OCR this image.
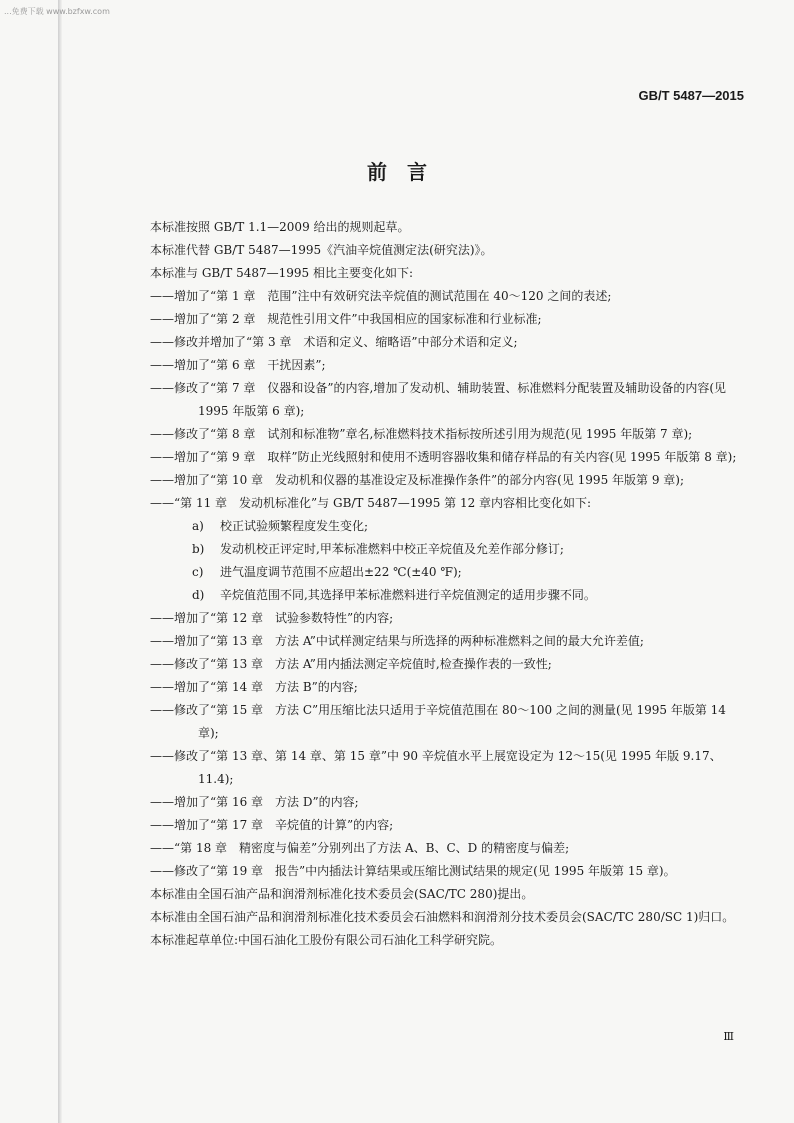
...免费下载 www.bzfxw.com
GB/T 5487—2015
前言

本标准按照 GB/T 1.1—2009 给出的规则起草。

本标准代替 GB/T 5487—1995《汽油辛烷值测定法(研究法)》。

本标准与 GB/T 5487—1995 相比主要变化如下:

——增加了“第 1 章　范围”注中有效研究法辛烷值的测试范围在 40～120 之间的表述;

——增加了“第 2 章　规范性引用文件”中我国相应的国家标准和行业标准;

——修改并增加了“第 3 章　术语和定义、缩略语”中部分术语和定义;

——增加了“第 6 章　干扰因素”;

——修改了“第 7 章　仪器和设备”的内容,增加了发动机、辅助装置、标准燃料分配装置及辅助设备的内容(见 1995 年版第 6 章);

——修改了“第 8 章　试剂和标准物”章名,标准燃料技术指标按所述引用为规范(见 1995 年版第 7 章);

——增加了“第 9 章　取样”防止光线照射和使用不透明容器收集和储存样品的有关内容(见 1995 年版第 8 章);

——增加了“第 10 章　发动机和仪器的基准设定及标准操作条件”的部分内容(见 1995 年版第 9 章);

——“第 11 章　发动机标准化”与 GB/T 5487—1995 第 12 章内容相比变化如下:

a) 校正试验频繁程度发生变化;

b) 发动机校正评定时,甲苯标准燃料中校正辛烷值及允差作部分修订;

c) 进气温度调节范围不应超出±22 ℃(±40 ℉);

d) 辛烷值范围不同,其选择甲苯标准燃料进行辛烷值测定的适用步骤不同。

——增加了“第 12 章　试验参数特性”的内容;

——增加了“第 13 章　方法 A”中试样测定结果与所选择的两种标准燃料之间的最大允许差值;

——修改了“第 13 章　方法 A”用内插法测定辛烷值时,检查操作表的一致性;

——增加了“第 14 章　方法 B”的内容;

——修改了“第 15 章　方法 C”用压缩比法只适用于辛烷值范围在 80～100 之间的测量(见 1995 年版第 14 章);

——修改了“第 13 章、第 14 章、第 15 章”中 90 辛烷值水平上展宽设定为 12～15(见 1995 年版 9.17、11.4);

——增加了“第 16 章　方法 D”的内容;

——增加了“第 17 章　辛烷值的计算”的内容;

——“第 18 章　精密度与偏差”分别列出了方法 A、B、C、D 的精密度与偏差;

——修改了“第 19 章　报告”中内插法计算结果或压缩比测试结果的规定(见 1995 年版第 15 章)。

本标准由全国石油产品和润滑剂标准化技术委员会(SAC/TC 280)提出。

本标准由全国石油产品和润滑剂标准化技术委员会石油燃料和润滑剂分技术委员会(SAC/TC 280/SC 1)归口。

本标准起草单位:中国石油化工股份有限公司石油化工科学研究院。

Ⅲ
